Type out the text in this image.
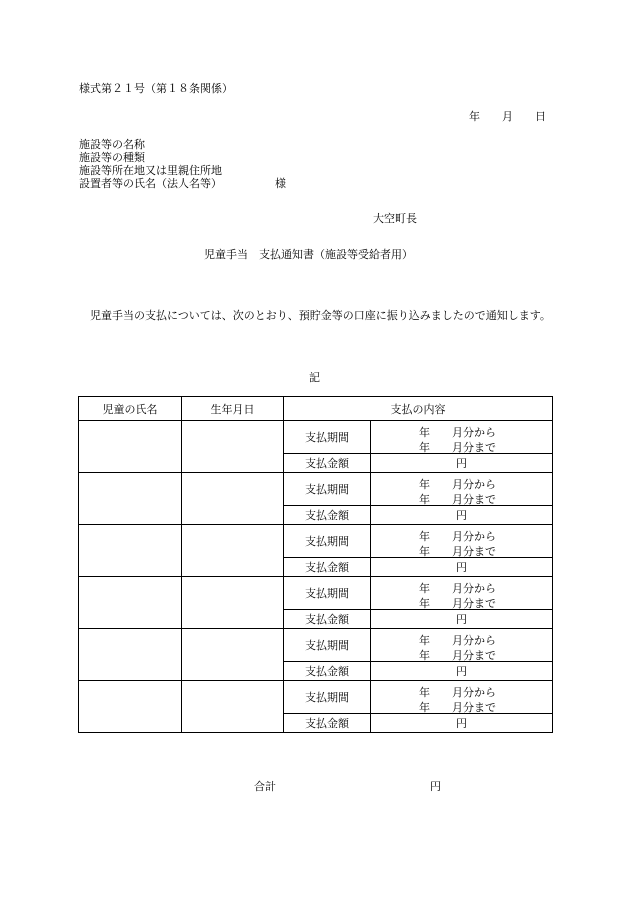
様式第２１号（第１８条関係）
年 月 日
施設等の名称
施設等の種類
施設等所在地又は里親住所地
設置者等の氏名（法人名等）	様
大空町長
児童手当　支払通知書（施設等受給者用）
児童手当の支払については、次のとおり、預貯金等の口座に振り込みましたので通知します。
記
児童の氏名	生年月日	支払の内容	
		支払期間	年 月分から
年 月分まで

		支払金額	円
		支払期間	年 月分から
年 月分まで

		支払金額	円
		支払期間	年 月分から
年 月分まで

		支払金額	円
		支払期間	年 月分から
年 月分まで

		支払金額	円
		支払期間	年 月分から
年 月分まで

		支払金額	円
		支払期間	年 月分から
年 月分まで

		支払金額	円
合計	円
